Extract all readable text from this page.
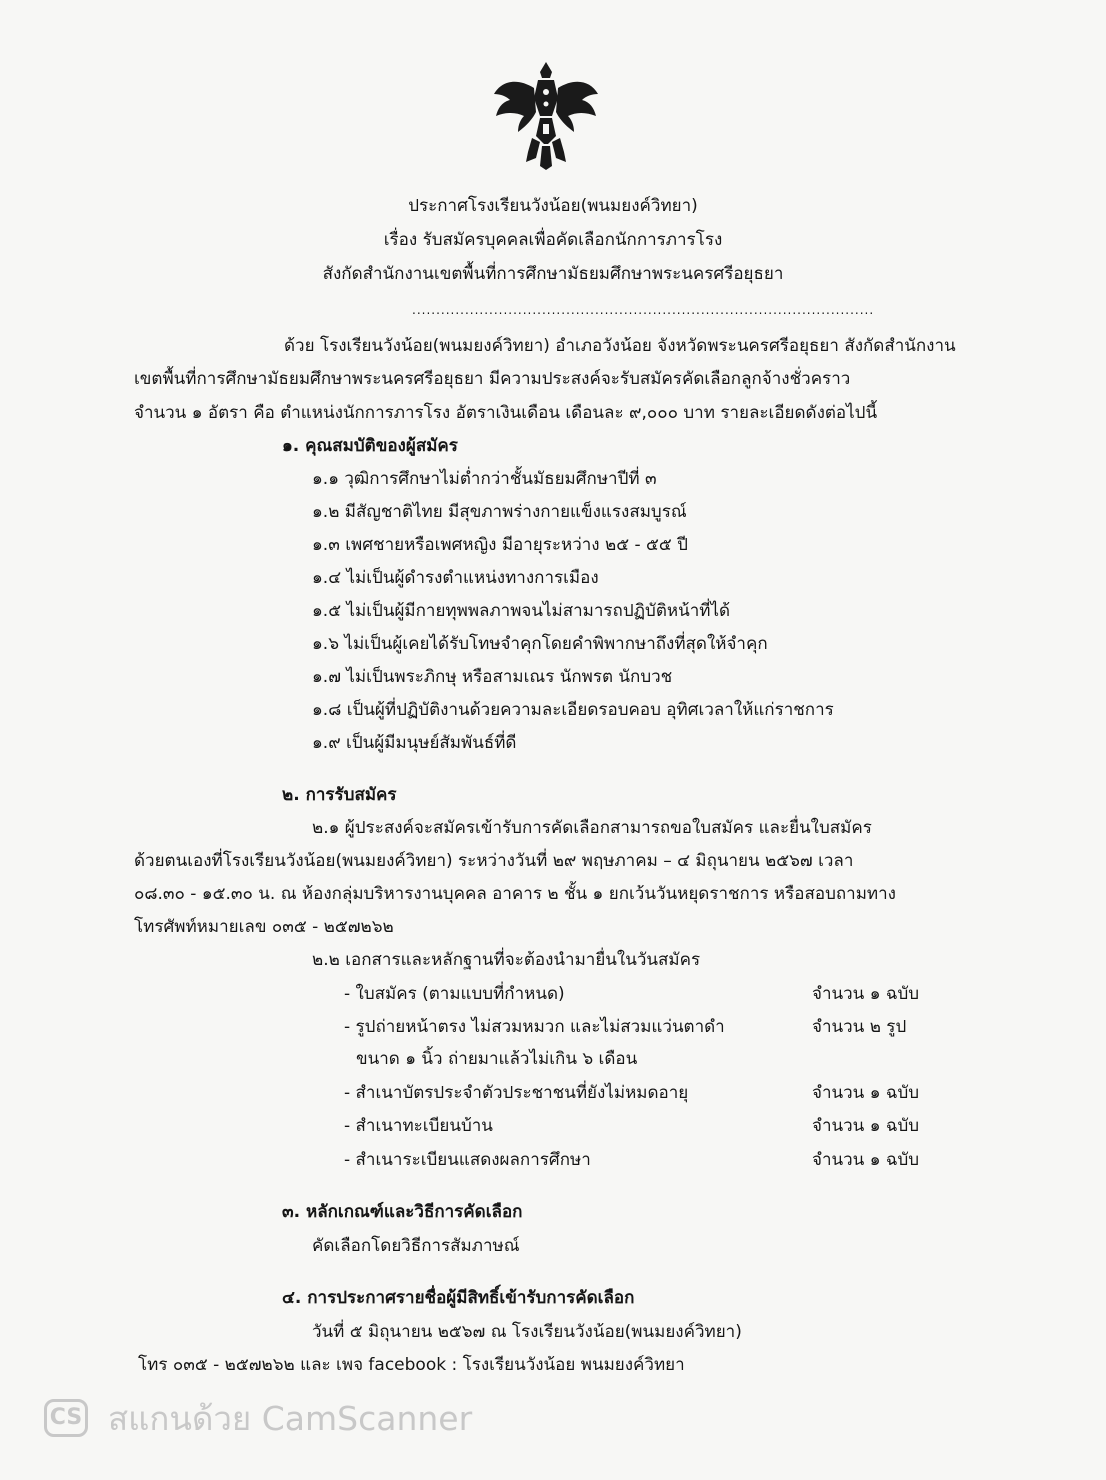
ประกาศโรงเรียนวังน้อย(พนมยงค์วิทยา)
เรื่อง รับสมัครบุคคลเพื่อคัดเลือกนักการภารโรง
สังกัดสำนักงานเขตพื้นที่การศึกษามัธยมศึกษาพระนครศรีอยุธยา
................................................................................................
ด้วย โรงเรียนวังน้อย(พนมยงค์วิทยา) อำเภอวังน้อย จังหวัดพระนครศรีอยุธยา สังกัดสำนักงาน
เขตพื้นที่การศึกษามัธยมศึกษาพระนครศรีอยุธยา มีความประสงค์จะรับสมัครคัดเลือกลูกจ้างชั่วคราว
จำนวน ๑ อัตรา คือ ตำแหน่งนักการภารโรง อัตราเงินเดือน เดือนละ ๙,๐๐๐ บาท รายละเอียดดังต่อไปนี้
๑. คุณสมบัติของผู้สมัคร
๑.๑ วุฒิการศึกษาไม่ต่ำกว่าชั้นมัธยมศึกษาปีที่ ๓
๑.๒ มีสัญชาติไทย มีสุขภาพร่างกายแข็งแรงสมบูรณ์
๑.๓ เพศชายหรือเพศหญิง มีอายุระหว่าง ๒๕ - ๕๕ ปี
๑.๔ ไม่เป็นผู้ดำรงตำแหน่งทางการเมือง
๑.๕ ไม่เป็นผู้มีกายทุพพลภาพจนไม่สามารถปฏิบัติหน้าที่ได้
๑.๖ ไม่เป็นผู้เคยได้รับโทษจำคุกโดยคำพิพากษาถึงที่สุดให้จำคุก
๑.๗ ไม่เป็นพระภิกษุ หรือสามเณร นักพรต นักบวช
๑.๘ เป็นผู้ที่ปฏิบัติงานด้วยความละเอียดรอบคอบ อุทิศเวลาให้แก่ราชการ
๑.๙ เป็นผู้มีมนุษย์สัมพันธ์ที่ดี
๒. การรับสมัคร
๒.๑ ผู้ประสงค์จะสมัครเข้ารับการคัดเลือกสามารถขอใบสมัคร และยื่นใบสมัคร
ด้วยตนเองที่โรงเรียนวังน้อย(พนมยงค์วิทยา) ระหว่างวันที่ ๒๙ พฤษภาคม – ๔ มิถุนายน ๒๕๖๗ เวลา
๐๘.๓๐ - ๑๕.๓๐ น. ณ ห้องกลุ่มบริหารงานบุคคล อาคาร ๒ ชั้น ๑ ยกเว้นวันหยุดราชการ หรือสอบถามทาง
โทรศัพท์หมายเลข ๐๓๕ - ๒๕๗๒๖๒
๒.๒ เอกสารและหลักฐานที่จะต้องนำมายื่นในวันสมัคร
- ใบสมัคร (ตามแบบที่กำหนด)	จำนวน ๑ ฉบับ
- รูปถ่ายหน้าตรง ไม่สวมหมวก และไม่สวมแว่นตาดำ	จำนวน ๒ รูป
ขนาด ๑ นิ้ว ถ่ายมาแล้วไม่เกิน ๖ เดือน
- สำเนาบัตรประจำตัวประชาชนที่ยังไม่หมดอายุ	จำนวน ๑ ฉบับ
- สำเนาทะเบียนบ้าน	จำนวน ๑ ฉบับ
- สำเนาระเบียนแสดงผลการศึกษา	จำนวน ๑ ฉบับ
๓. หลักเกณฑ์และวิธีการคัดเลือก
คัดเลือกโดยวิธีการสัมภาษณ์
๔. การประกาศรายชื่อผู้มีสิทธิ์เข้ารับการคัดเลือก
วันที่ ๕ มิถุนายน ๒๕๖๗ ณ โรงเรียนวังน้อย(พนมยงค์วิทยา)
โทร ๐๓๕ - ๒๕๗๒๖๒ และ เพจ facebook : โรงเรียนวังน้อย พนมยงค์วิทยา
CS สแกนด้วย CamScanner
